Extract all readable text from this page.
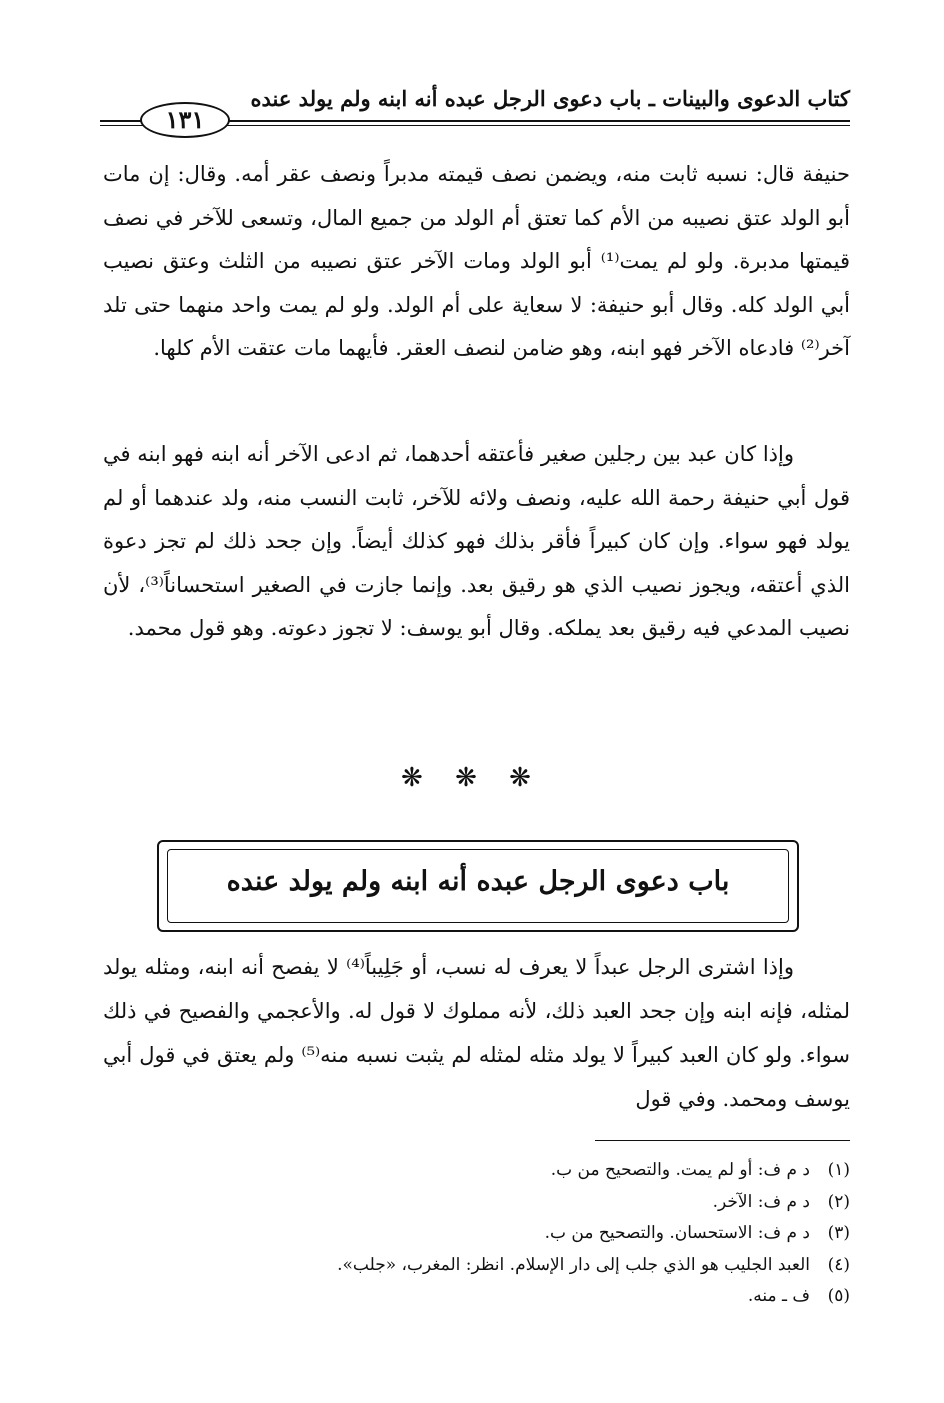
كتاب الدعوى والبينات ـ باب دعوى الرجل عبده أنه ابنه ولم يولد عنده
١٣١

حنيفة قال: نسبه ثابت منه، ويضمن نصف قيمته مدبراً ونصف عقر أمه. وقال: إن مات أبو الولد عتق نصيبه من الأم كما تعتق أم الولد من جميع المال، وتسعى للآخر في نصف قيمتها مدبرة. ولو لم يمت⁽¹⁾ أبو الولد ومات الآخر عتق نصيبه من الثلث وعتق نصيب أبي الولد كله. وقال أبو حنيفة: لا سعاية على أم الولد. ولو لم يمت واحد منهما حتى تلد آخر⁽²⁾ فادعاه الآخر فهو ابنه، وهو ضامن لنصف العقر. فأيهما مات عتقت الأم كلها.

وإذا كان عبد بين رجلين صغير فأعتقه أحدهما، ثم ادعى الآخر أنه ابنه فهو ابنه في قول أبي حنيفة رحمة الله عليه، ونصف ولائه للآخر، ثابت النسب منه، ولد عندهما أو لم يولد فهو سواء. وإن كان كبيراً فأقر بذلك فهو كذلك أيضاً. وإن جحد ذلك لم تجز دعوة الذي أعتقه، ويجوز نصيب الذي هو رقيق بعد. وإنما جازت في الصغير استحساناً⁽³⁾، لأن نصيب المدعي فيه رقيق بعد يملكه. وقال أبو يوسف: لا تجوز دعوته. وهو قول محمد.

❋ ❋ ❋
باب دعوى الرجل عبده أنه ابنه ولم يولد عنده

وإذا اشترى الرجل عبداً لا يعرف له نسب، أو جَلِيباً⁽⁴⁾ لا يفصح أنه ابنه، ومثله يولد لمثله، فإنه ابنه وإن جحد العبد ذلك، لأنه مملوك لا قول له. والأعجمي والفصيح في ذلك سواء. ولو كان العبد كبيراً لا يولد مثله لمثله لم يثبت نسبه منه⁽⁵⁾ ولم يعتق في قول أبي يوسف ومحمد. وفي قول

(١)
د م ف: أو لم يمت. والتصحيح من ب.
(٢)
د م ف: الآخر.
(٣)
د م ف: الاستحسان. والتصحيح من ب.
(٤)
العبد الجليب هو الذي جلب إلى دار الإسلام. انظر: المغرب، «جلب».
(٥)
ف ـ منه.
